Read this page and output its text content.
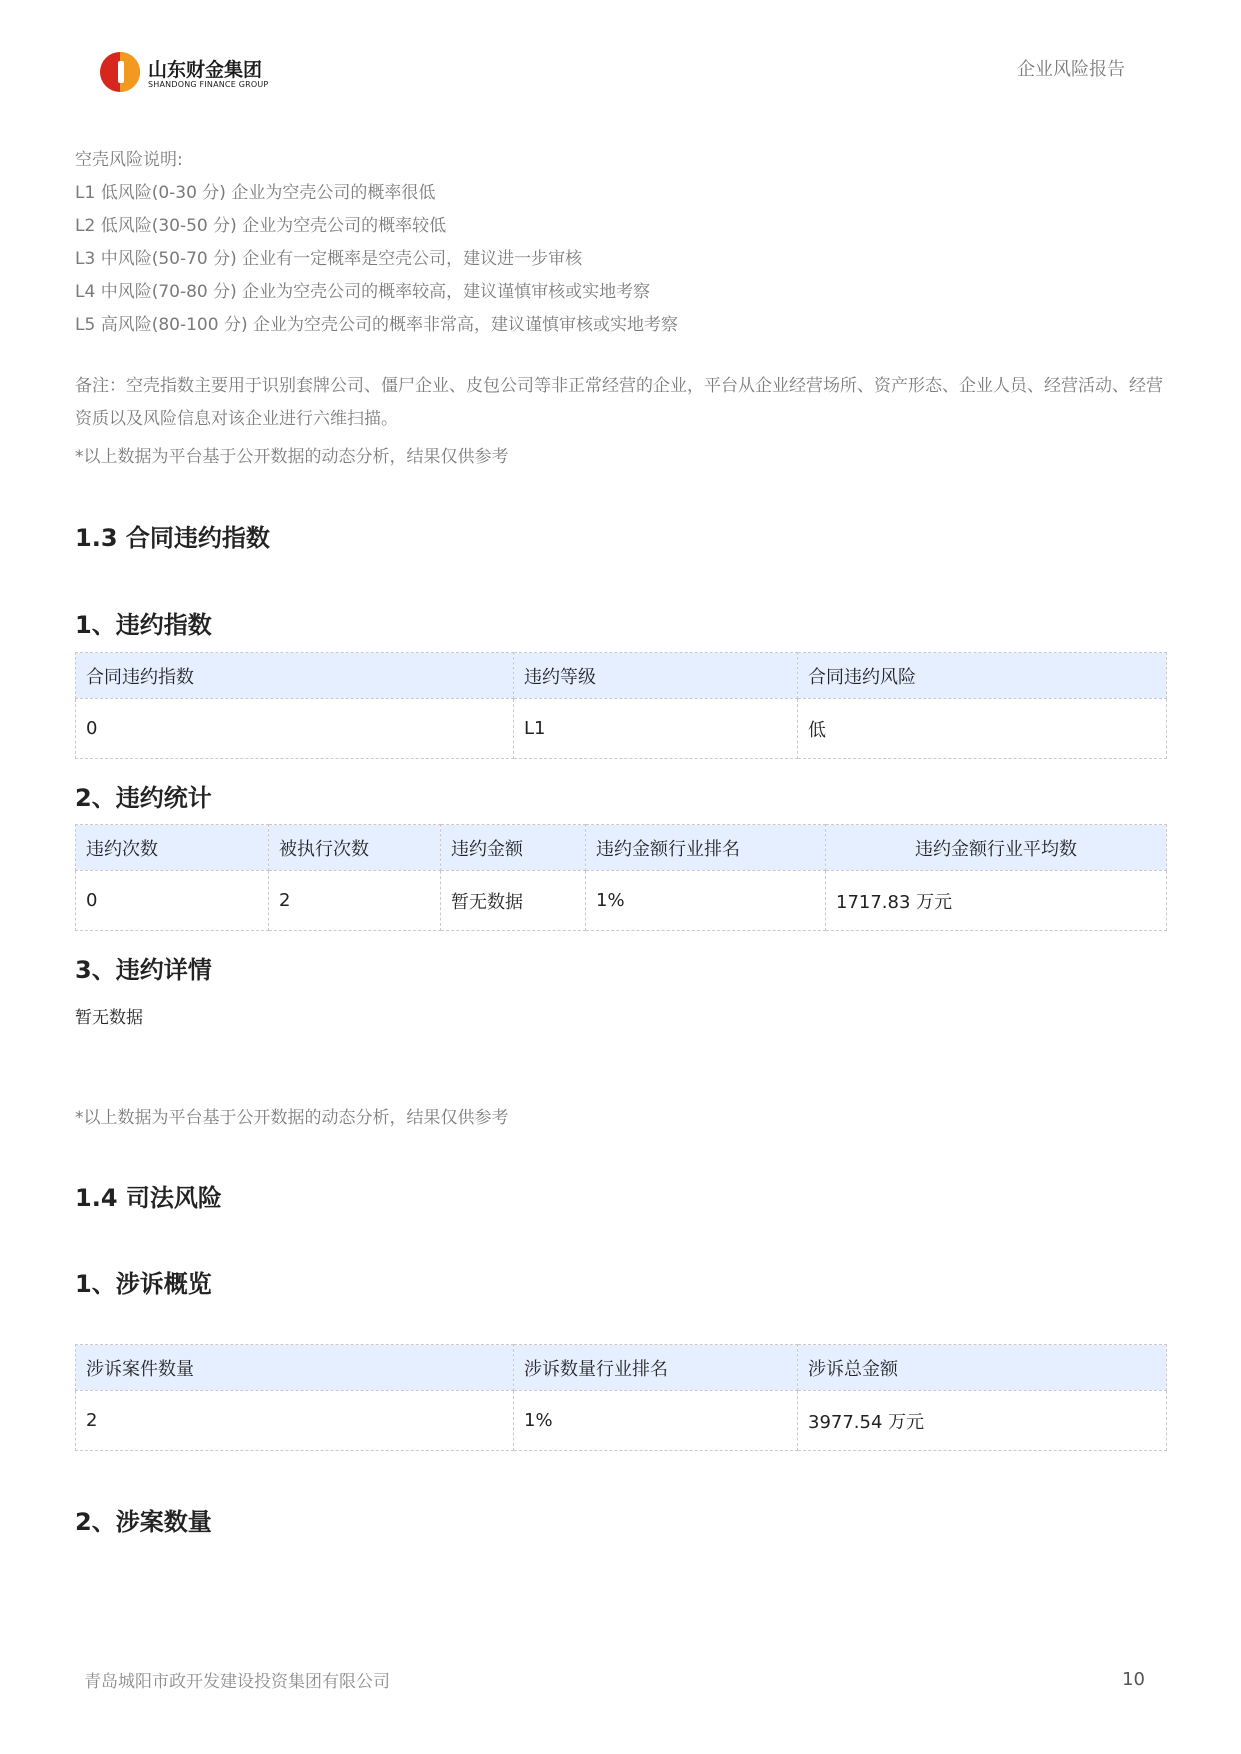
山东财金集团
SHANDONG FINANCE GROUP
企业风险报告
空壳风险说明:
L1 低风险(0-30 分) 企业为空壳公司的概率很低
L2 低风险(30-50 分) 企业为空壳公司的概率较低
L3 中风险(50-70 分) 企业有一定概率是空壳公司，建议进一步审核
L4 中风险(70-80 分) 企业为空壳公司的概率较高，建议谨慎审核或实地考察
L5 高风险(80-100 分) 企业为空壳公司的概率非常高，建议谨慎审核或实地考察
备注：空壳指数主要用于识别套牌公司、僵尸企业、皮包公司等非正常经营的企业，平台从企业经营场所、资产形态、企业人员、经营活动、经营资质以及风险信息对该企业进行六维扫描。
*以上数据为平台基于公开数据的动态分析，结果仅供参考
1.3 合同违约指数
1、违约指数
合同违约指数	违约等级	合同违约风险
0	L1	低
2、违约统计
违约次数	被执行次数	违约金额	违约金额行业排名	违约金额行业平均数
0	2	暂无数据	1%	1717.83 万元
3、违约详情
暂无数据
*以上数据为平台基于公开数据的动态分析，结果仅供参考
1.4 司法风险
1、涉诉概览
涉诉案件数量	涉诉数量行业排名	涉诉总金额
2	1%	3977.54 万元
2、涉案数量
青岛城阳市政开发建设投资集团有限公司	10
